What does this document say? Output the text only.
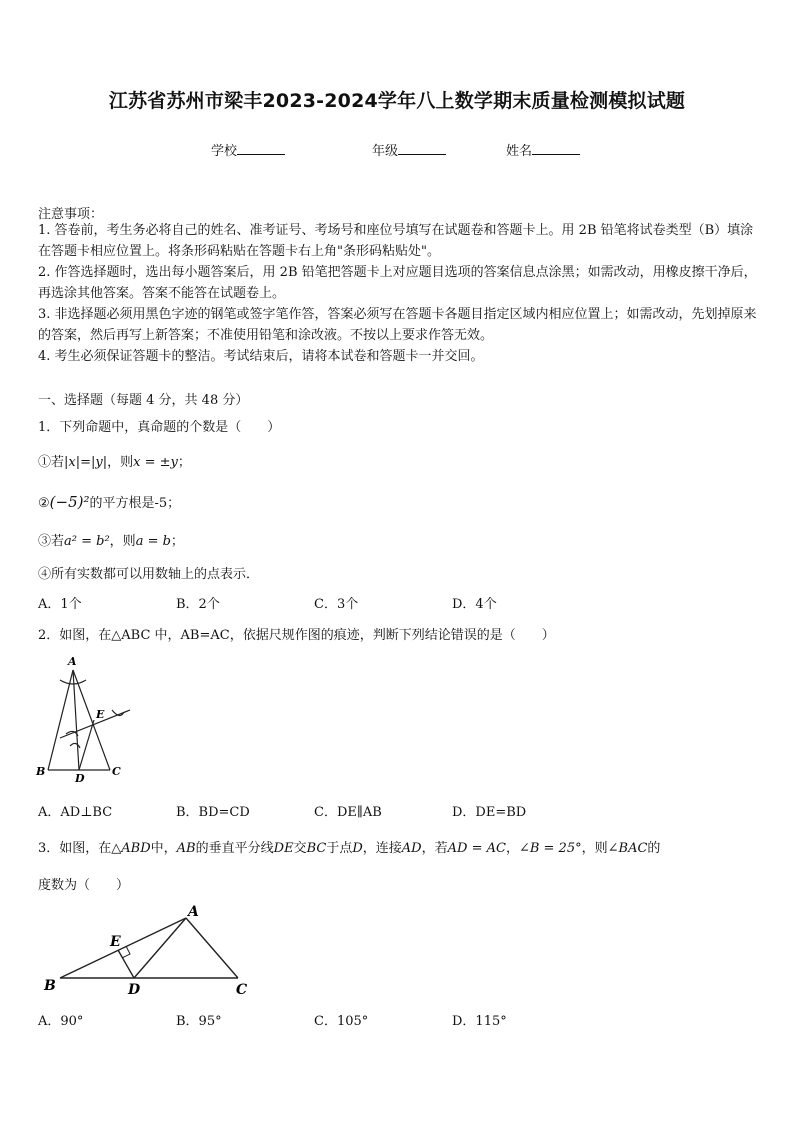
江苏省苏州市梁丰2023-2024学年八上数学期末质量检测模拟试题
学校	年级	姓名
注意事项：
1. 答卷前，考生务必将自己的姓名、准考证号、考场号和座位号填写在试题卷和答题卡上。用 2B 铅笔将试卷类型（B）填涂在答题卡相应位置上。将条形码粘贴在答题卡右上角"条形码粘贴处"。
2. 作答选择题时，选出每小题答案后，用 2B 铅笔把答题卡上对应题目选项的答案信息点涂黑；如需改动，用橡皮擦干净后，再选涂其他答案。答案不能答在试题卷上。
3. 非选择题必须用黑色字迹的钢笔或签字笔作答，答案必须写在答题卡各题目指定区域内相应位置上；如需改动，先划掉原来的答案，然后再写上新答案；不准使用铅笔和涂改液。不按以上要求作答无效。
4. 考生必须保证答题卡的整洁。考试结束后，请将本试卷和答题卡一并交回。
一、选择题（每题 4 分，共 48 分）
1．下列命题中，真命题的个数是（　　）
①若|x|=|y|，则x = ±y；
②(−5)²的平方根是-5；
③若a² = b²，则a = b；
④所有实数都可以用数轴上的点表示．
A．1个	B．2个	C．3个	D．4个
2．如图，在△ABC 中，AB=AC，依据尺规作图的痕迹，判断下列结论错误的是（　　）
A
B	C
D
E
A．AD⊥BC	B．BD=CD	C．DE∥AB	D．DE=BD
3．如图，在△ABD中，AB的垂直平分线DE交BC于点D，连接AD，若AD = AC，∠B = 25°，则∠BAC的
度数为（　　）
A
B	C
D
E
A．90°	B．95°	C．105°	D．115°
